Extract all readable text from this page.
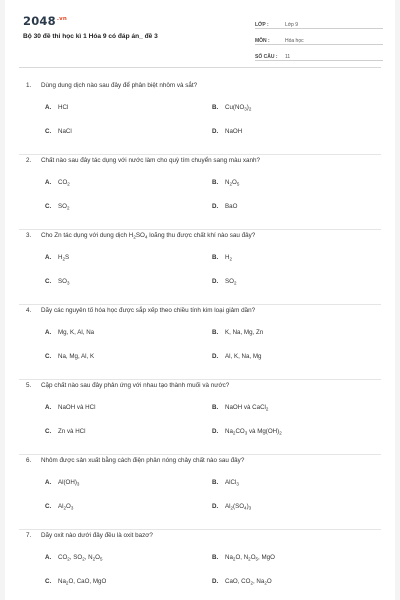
$2048^{.vn}$
Bộ 30 đề thi học kì 1 Hóa 9 có đáp án_ đề 3
LỚP :	Lớp 9
MÔN :	Hóa học
SỐ CÂU :	11
1. Dùng dung dịch nào sau đây để phân biệt nhôm và sắt?
A. HCl	B. $Cu(NO_3)_2$
C. NaCl	D. NaOH
2. Chất nào sau đây tác dụng với nước làm cho quỳ tím chuyển sang màu xanh?
A. $CO_2$	B. $N_2O_5$
C. $SO_2$	D. BaO
3. Cho Zn tác dụng với dung dịch $H_2SO_4$ loãng thu được chất khí nào sau đây?
A. $H_2S$	B. $H_2$
C. $SO_3$	D. $SO_2$
4. Dãy các nguyên tố hóa học được sắp xếp theo chiều tính kim loại giảm dần?
A. Mg, K, Al, Na	B. K, Na, Mg, Zn
C. Na, Mg, Al, K	D. Al, K, Na, Mg
5. Cặp chất nào sau đây phản ứng với nhau tạo thành muối và nước?
A. NaOH và HCl	B. NaOH và CaCl$_2$
C. Zn và HCl	D. $Na_2CO_3$ và $Mg(OH)_2$
6. Nhôm được sản xuất bằng cách điện phân nóng chảy chất nào sau đây?
A. $Al(OH)_3$	B. AlCl$_3$
C. $Al_2O_3$	D. $Al_2(SO_4)_3$
7. Dãy oxit nào dưới đây đều là oxit bazơ?
A. $CO_2$, $SO_2$, $N_2O_5$	B. $Na_2O$, $N_2O_5$, MgO
C. $Na_2O$, CaO, MgO	D. CaO, $CO_2$, $Na_2O$
